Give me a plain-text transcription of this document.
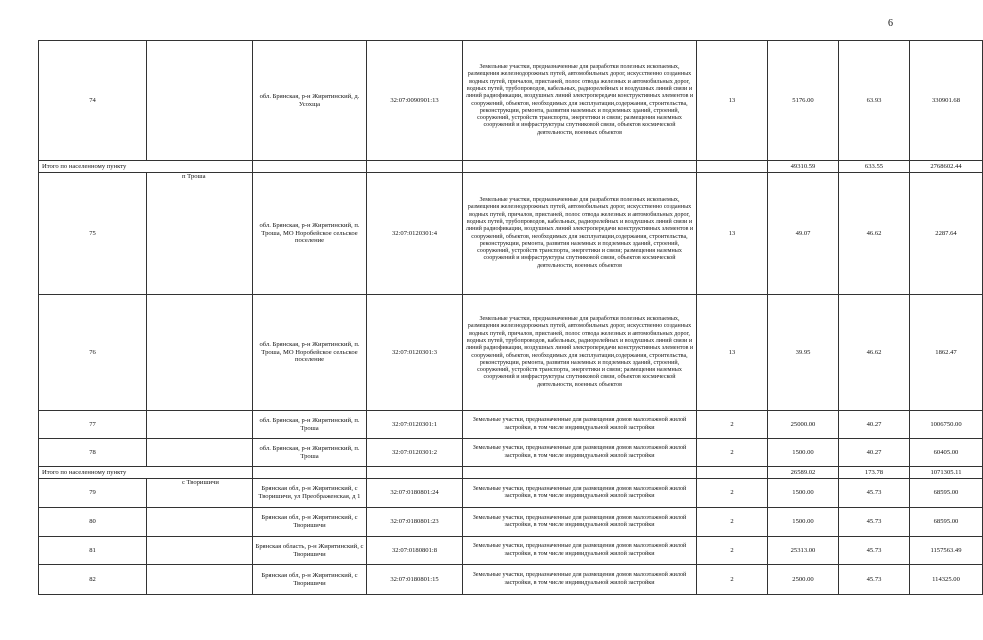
6
74		обл. Брянская, р-н Жирятинский, д. Усохща	32:07:0090901:13	Земельные участки, предназначенные для разработки полезных ископаемых, размещения железнодорожных путей, автомобильных дорог, искусственно созданных водных путей, причалов, пристаней, полос отвода железных и автомобильных дорог, водных путей, трубопроводов, кабельных, радиорелейных и воздушных линий связи и линий радиофикации, воздушных линий электропередачи конструктивных элементов и сооружений, объектов, необходимых для эксплуатации,содержания, строительства, реконструкции, ремонта, развития наземных и подземных зданий, строений, сооружений, устройств транспорта, энергетики и связи; размещения наземных сооружений и инфраструктуры спутниковой связи, объектов космической деятельности, военных объектов	13	5176.00	63.93	330901.68
Итого по населенному пункту						49310.59	633.55	2768602.44
75	п Троша	обл. Брянская, р-н Жирятинский, п. Троша, МО Норобейское сельское поселение	32:07:0120301:4	Земельные участки, предназначенные для разработки полезных ископаемых, размещения железнодорожных путей, автомобильных дорог, искусственно созданных водных путей, причалов, пристаней, полос отвода железных и автомобильных дорог, водных путей, трубопроводов, кабельных, радиорелейных и воздушных линий связи и линий радиофикации, воздушных линий электропередачи конструктивных элементов и сооружений, объектов, необходимых для эксплуатации,содержания, строительства, реконструкции, ремонта, развития наземных и подземных зданий, строений, сооружений, устройств транспорта, энергетики и связи; размещения наземных сооружений и инфраструктуры спутниковой связи, объектов космической деятельности, военных объектов	13	49.07	46.62	2287.64
76		обл. Брянская, р-н Жирятинский, п. Троша, МО Норобейское сельское поселение	32:07:0120301:3	Земельные участки, предназначенные для разработки полезных ископаемых, размещения железнодорожных путей, автомобильных дорог, искусственно созданных водных путей, причалов, пристаней, полос отвода железных и автомобильных дорог, водных путей, трубопроводов, кабельных, радиорелейных и воздушных линий связи и линий радиофикации, воздушных линий электропередачи конструктивных элементов и сооружений, объектов, необходимых для эксплуатации,содержания, строительства, реконструкции, ремонта, развития наземных и подземных зданий, строений, сооружений, устройств транспорта, энергетики и связи; размещения наземных сооружений и инфраструктуры спутниковой связи, объектов космической деятельности, военных объектов	13	39.95	46.62	1862.47
77		обл. Брянская, р-н Жирятинский, п. Троша	32:07:0120301:1	Земельные участки, предназначенные для размещения домов малоэтажной жилой застройки, в том числе индивидуальной жилой застройки	2	25000.00	40.27	1006750.00
78		обл. Брянская, р-н Жирятинский, п. Троша	32:07:0120301:2	Земельные участки, предназначенные для размещения домов малоэтажной жилой застройки, в том числе индивидуальной жилой застройки	2	1500.00	40.27	60405.00
Итого по населенному пункту						26589.02	173.78	1071305.11
79	с Творишичи	Брянская обл, р-н Жирятинский, с Творишичи, ул Преображенская, д 1	32:07:0180801:24	Земельные участки, предназначенные для размещения домов малоэтажной жилой застройки, в том числе индивидуальной жилой застройки	2	1500.00	45.73	68595.00
80		Брянская обл, р-н Жирятинский, с Творишичи	32:07:0180801:23	Земельные участки, предназначенные для размещения домов малоэтажной жилой застройки, в том числе индивидуальной жилой застройки	2	1500.00	45.73	68595.00
81		Брянская область, р-н Жирятинский, с Творишичи	32:07:0180801:8	Земельные участки, предназначенные для размещения домов малоэтажной жилой застройки, в том числе индивидуальной жилой застройки	2	25313.00	45.73	1157563.49
82		Брянская обл, р-н Жирятинский, с Творишичи	32:07:0180801:15	Земельные участки, предназначенные для размещения домов малоэтажной жилой застройки, в том числе индивидуальной жилой застройки	2	2500.00	45.73	114325.00
